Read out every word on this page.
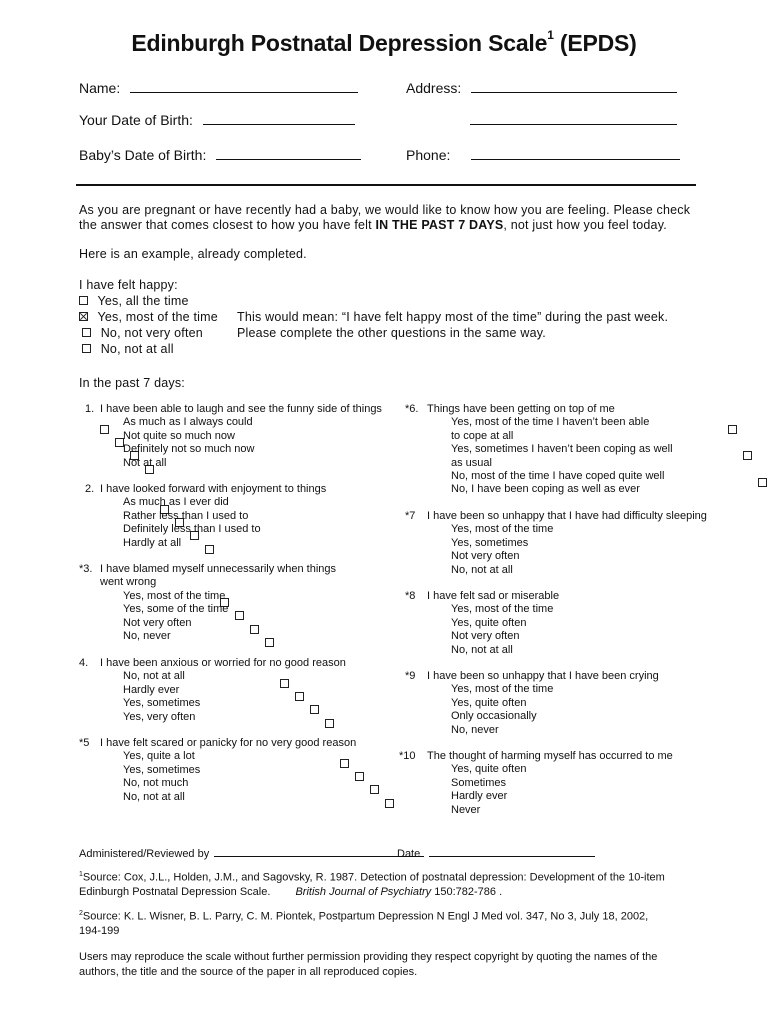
Edinburgh Postnatal Depression Scale$^1$ (EPDS)
Name:	Address:
Your Date of Birth:
Baby’s Date of Birth:	Phone:
As you are pregnant or have recently had a baby, we would like to know how you are feeling. Please check
the answer that comes closest to how you have felt IN THE PAST 7 DAYS, not just how you feel today.
Here is an example, already completed.
I have felt happy:
Yes, all the time
Yes, most of the time
No, not very often
No, not at all
This would mean: “I have felt happy most of the time” during the past week.
Please complete the other questions in the same way.
In the past 7 days:
1. I have been able to laugh and see the funny side of things
As much as I always could
Not quite so much now
Definitely not so much now
Not at all
2. I have looked forward with enjoyment to things
As much as I ever did
Rather less than I used to
Definitely less than I used to
Hardly at all
*3. I have blamed myself unnecessarily when things
went wrong
Yes, most of the time
Yes, some of the time
Not very often
No, never
4. I have been anxious or worried for no good reason
No, not at all
Hardly ever
Yes, sometimes
Yes, very often
*5 I have felt scared or panicky for no very good reason
Yes, quite a lot
Yes, sometimes
No, not much
No, not at all
*6. Things have been getting on top of me
Yes, most of the time I haven’t been able
to cope at all
Yes, sometimes I haven’t been coping as well
as usual
No, most of the time I have coped quite well
No, I have been coping as well as ever
*7 I have been so unhappy that I have had difficulty sleeping
Yes, most of the time
Yes, sometimes
Not very often
No, not at all
*8 I have felt sad or miserable
Yes, most of the time
Yes, quite often
Not very often
No, not at all
*9 I have been so unhappy that I have been crying
Yes, most of the time
Yes, quite often
Only occasionally
No, never
*10 The thought of harming myself has occurred to me
Yes, quite often
Sometimes
Hardly ever
Never
Administered/Reviewed by	Date
$^1$Source: Cox, J.L., Holden, J.M., and Sagovsky, R. 1987. Detection of postnatal depression: Development of the 10-item
Edinburgh Postnatal Depression Scale. British Journal of Psychiatry 150:782-786 .
$^2$Source: K. L. Wisner, B. L. Parry, C. M. Piontek, Postpartum Depression N Engl J Med vol. 347, No 3, July 18, 2002,
194-199
Users may reproduce the scale without further permission providing they respect copyright by quoting the names of the
authors, the title and the source of the paper in all reproduced copies.
